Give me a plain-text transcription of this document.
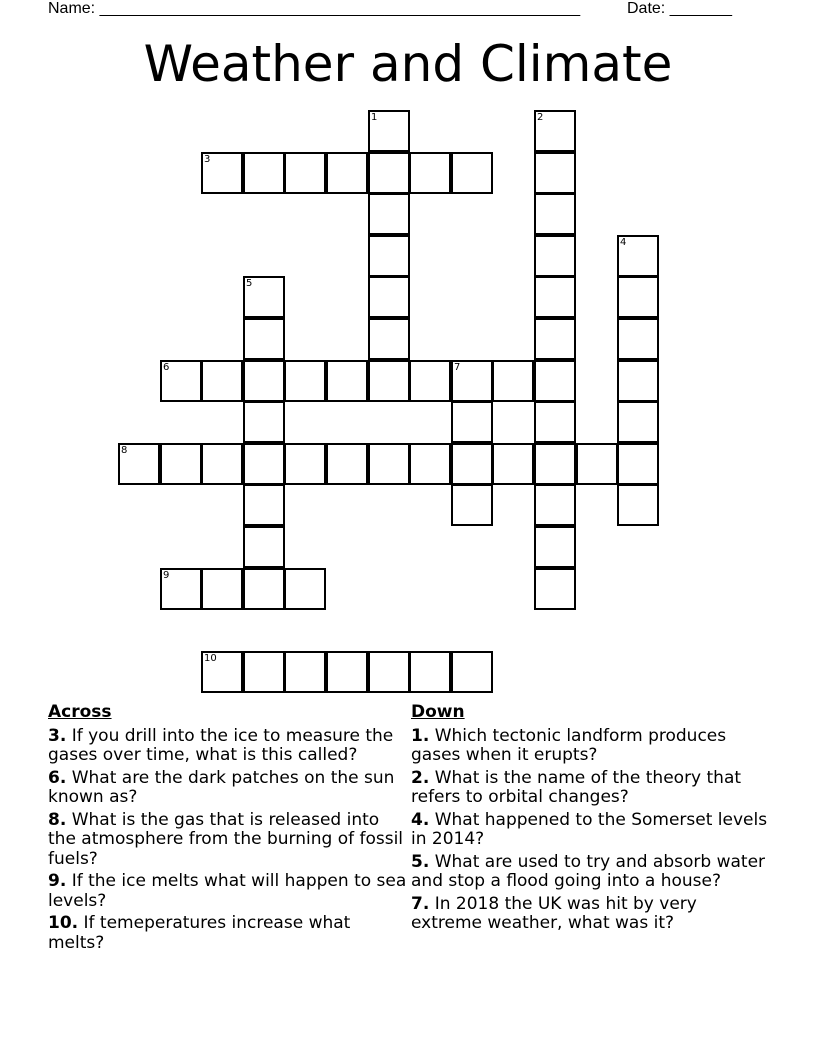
Name: ______________________________________________________	Date: _______
Weather and Climate
1	2
3
4
5
6	7
8
9
10
Across
3. If you drill into the ice to measure the gases over time, what is this called?
6. What are the dark patches on the sun known as?
8. What is the gas that is released into the atmosphere from the burning of fossil fuels?
9. If the ice melts what will happen to sea levels?
10. If temeperatures increase what melts?
Down
1. Which tectonic landform produces gases when it erupts?
2. What is the name of the theory that refers to orbital changes?
4. What happened to the Somerset levels in 2014?
5. What are used to try and absorb water and stop a flood going into a house?
7. In 2018 the UK was hit by very extreme weather, what was it?
